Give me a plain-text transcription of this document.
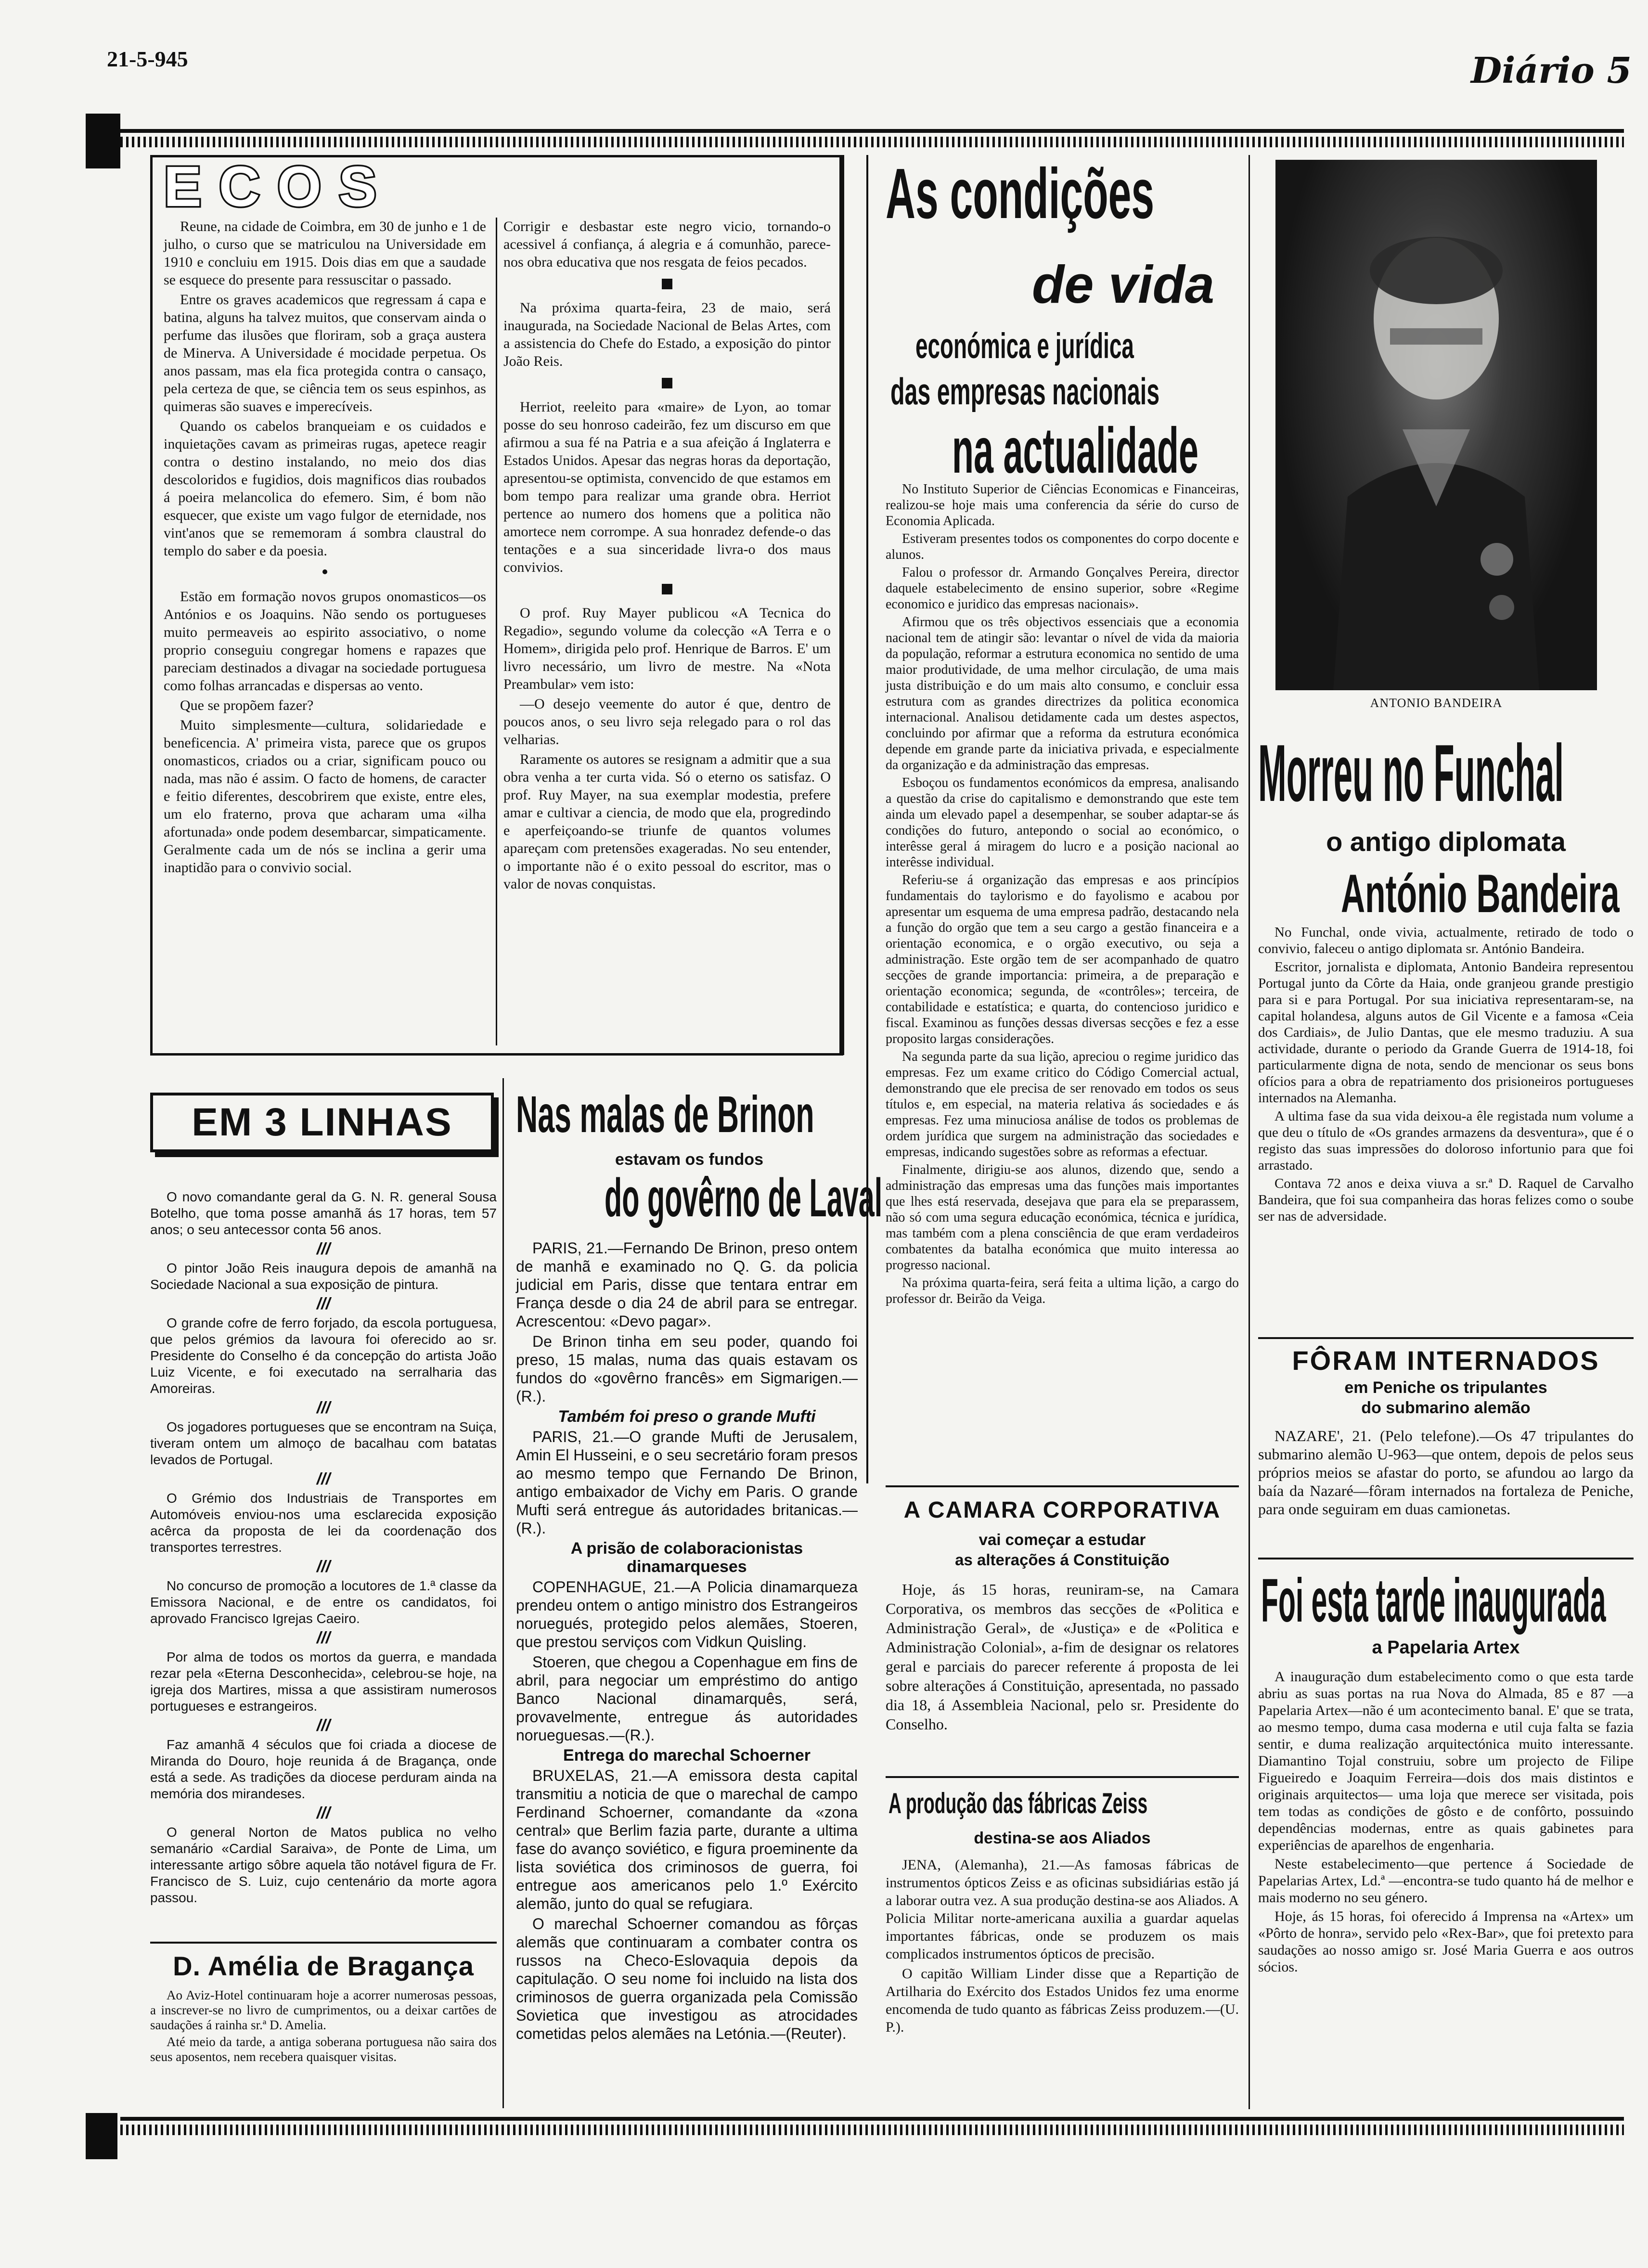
21-5-945	Diário 5
ECOS

Reune, na cidade de Coimbra, em 30 de junho e 1 de julho, o curso que se matriculou na Universidade em 1910 e concluiu em 1915. Dois dias em que a saudade se esquece do presente para ressuscitar o passado.

Entre os graves academicos que regressam á capa e batina, alguns ha talvez muitos, que conservam ainda o perfume das ilusões que floriram, sob a graça austera de Minerva. A Universidade é mocidade perpetua. Os anos passam, mas ela fica protegida contra o cansaço, pela certeza de que, se ciência tem os seus espinhos, as quimeras são suaves e imperecíveis.

Quando os cabelos branqueiam e os cuidados e inquietações cavam as primeiras rugas, apetece reagir contra o destino instalando, no meio dos dias descoloridos e fugidios, dois magnificos dias roubados á poeira melancolica do efemero. Sim, é bom não esquecer, que existe um vago fulgor de eternidade, nos vint'anos que se rememoram á sombra claustral do templo do saber e da poesia.

Estão em formação novos grupos onomasticos—os Antónios e os Joaquins. Não sendo os portugueses muito permeaveis ao espirito associativo, o nome proprio conseguiu congregar homens e rapazes que pareciam destinados a divagar na sociedade portuguesa como folhas arrancadas e dispersas ao vento.

Que se propõem fazer?

Muito simplesmente—cultura, solidariedade e beneficencia. A' primeira vista, parece que os grupos onomasticos, criados ou a criar, significam pouco ou nada, mas não é assim. O facto de homens, de caracter e feitio diferentes, descobrirem que existe, entre eles, um elo fraterno, prova que acharam uma «ilha afortunada» onde podem desembarcar, simpaticamente. Geralmente cada um de nós se inclina a gerir uma inaptidão para o convivio social.

Corrigir e desbastar este negro vicio, tornando-o acessivel á confiança, á alegria e á comunhão, parece-nos obra educativa que nos resgata de feios pecados.

Na próxima quarta-feira, 23 de maio, será inaugurada, na Sociedade Nacional de Belas Artes, com a assistencia do Chefe do Estado, a exposição do pintor João Reis.

Herriot, reeleito para «maire» de Lyon, ao tomar posse do seu honroso cadeirão, fez um discurso em que afirmou a sua fé na Patria e a sua afeição á Inglaterra e Estados Unidos. Apesar das negras horas da deportação, apresentou-se optimista, convencido de que estamos em bom tempo para realizar uma grande obra. Herriot pertence ao numero dos homens que a politica não amortece nem corrompe. A sua honradez defende-o das tentações e a sua sinceridade livra-o dos maus convivios.

O prof. Ruy Mayer publicou «A Tecnica do Regadio», segundo volume da colecção «A Terra e o Homem», dirigida pelo prof. Henrique de Barros. E' um livro necessário, um livro de mestre. Na «Nota Preambular» vem isto:

—O desejo veemente do autor é que, dentro de poucos anos, o seu livro seja relegado para o rol das velharias.

Raramente os autores se resignam a admitir que a sua obra venha a ter curta vida. Só o eterno os satisfaz. O prof. Ruy Mayer, na sua exemplar modestia, prefere amar e cultivar a ciencia, de modo que ela, progredindo e aperfeiçoando-se triunfe de quantos volumes apareçam com pretensões exageradas. No seu entender, o importante não é o exito pessoal do escritor, mas o valor de novas conquistas.

As condições
de vida
económica e jurídica
das empresas nacionais
na actualidade

No Instituto Superior de Ciências Economicas e Financeiras, realizou-se hoje mais uma conferencia da série do curso de Economia Aplicada.

Estiveram presentes todos os componentes do corpo docente e alunos.

Falou o professor dr. Armando Gonçalves Pereira, director daquele estabelecimento de ensino superior, sobre «Regime economico e juridico das empresas nacionais».

Afirmou que os três objectivos essenciais que a economia nacional tem de atingir são: levantar o nível de vida da maioria da população, reformar a estrutura economica no sentido de uma maior produtividade, de uma melhor circulação, de uma mais justa distribuição e do um mais alto consumo, e concluir essa estrutura com as grandes directrizes da politica economica internacional. Analisou detidamente cada um destes aspectos, concluindo por afirmar que a reforma da estrutura económica depende em grande parte da iniciativa privada, e especialmente da organização e da administração das empresas.

Esboçou os fundamentos económicos da empresa, analisando a questão da crise do capitalismo e demonstrando que este tem ainda um elevado papel a desempenhar, se souber adaptar-se ás condições do futuro, antepondo o social ao económico, o interêsse geral á miragem do lucro e a posição nacional ao interêsse individual.

Referiu-se á organização das empresas e aos princípios fundamentais do taylorismo e do fayolismo e acabou por apresentar um esquema de uma empresa padrão, destacando nela a função do orgão que tem a seu cargo a gestão financeira e a orientação economica, e o orgão executivo, ou seja a administração. Este orgão tem de ser acompanhado de quatro secções de grande importancia: primeira, a de preparação e orientação economica; segunda, de «contrôles»; terceira, de contabilidade e estatística; e quarta, do contencioso juridico e fiscal. Examinou as funções dessas diversas secções e fez a esse proposito largas considerações.

Na segunda parte da sua lição, apreciou o regime juridico das empresas. Fez um exame critico do Código Comercial actual, demonstrando que ele precisa de ser renovado em todos os seus títulos e, em especial, na materia relativa ás sociedades e ás empresas. Fez uma minuciosa análise de todos os problemas de ordem jurídica que surgem na administração das sociedades e empresas, indicando sugestões sobre as reformas a efectuar.

Finalmente, dirigiu-se aos alunos, dizendo que, sendo a administração das empresas uma das funções mais importantes que lhes está reservada, desejava que para ela se preparassem, não só com uma segura educação económica, técnica e jurídica, mas também com a plena consciência de que eram verdadeiros combatentes da batalha económica que muito interessa ao progresso nacional.

Na próxima quarta-feira, será feita a ultima lição, a cargo do professor dr. Beirão da Veiga.

A CAMARA CORPORATIVA
vai começar a estudar
as alterações á Constituição

Hoje, ás 15 horas, reuniram-se, na Camara Corporativa, os membros das secções de «Politica e Administração Geral», de «Justiça» e de «Politica e Administração Colonial», a-fim de designar os relatores geral e parciais do parecer referente á proposta de lei sobre alterações á Constituição, apresentada, no passado dia 18, á Assembleia Nacional, pelo sr. Presidente do Conselho.

A produção das fábricas Zeiss
destina-se aos Aliados

JENA, (Alemanha), 21.—As famosas fábricas de instrumentos ópticos Zeiss e as oficinas subsidiárias estão já a laborar outra vez. A sua produção destina-se aos Aliados. A Policia Militar norte-americana auxilia a guardar aquelas importantes fábricas, onde se produzem os mais complicados instrumentos ópticos de precisão.

O capitão William Linder disse que a Repartição de Artilharia do Exército dos Estados Unidos fez uma enorme encomenda de tudo quanto as fábricas Zeiss produzem.—(U. P.).

ANTONIO BANDEIRA
Morreu no Funchal
o antigo diplomata
António Bandeira

No Funchal, onde vivia, actualmente, retirado de todo o convivio, faleceu o antigo diplomata sr. António Bandeira.

Escritor, jornalista e diplomata, Antonio Bandeira representou Portugal junto da Côrte da Haia, onde granjeou grande prestigio para si e para Portugal. Por sua iniciativa representaram-se, na capital holandesa, alguns autos de Gil Vicente e a famosa «Ceia dos Cardiais», de Julio Dantas, que ele mesmo traduziu. A sua actividade, durante o periodo da Grande Guerra de 1914-18, foi particularmente digna de nota, sendo de mencionar os seus bons ofícios para a obra de repatriamento dos prisioneiros portugueses internados na Alemanha.

A ultima fase da sua vida deixou-a êle registada num volume a que deu o título de «Os grandes armazens da desventura», que é o registo das suas impressões do doloroso infortunio para que foi arrastado.

Contava 72 anos e deixa viuva a sr.ª D. Raquel de Carvalho Bandeira, que foi sua companheira das horas felizes como o soube ser nas de adversidade.

FÔRAM INTERNADOS
em Peniche os tripulantes
do submarino alemão

NAZARE', 21. (Pelo telefone).—Os 47 tripulantes do submarino alemão U-963—que ontem, depois de pelos seus próprios meios se afastar do porto, se afundou ao largo da baía da Nazaré—fôram internados na fortaleza de Peniche, para onde seguiram em duas camionetas.

Foi esta tarde inaugurada
a Papelaria Artex

A inauguração dum estabelecimento como o que esta tarde abriu as suas portas na rua Nova do Almada, 85 e 87 —a Papelaria Artex—não é um acontecimento banal. E' que se trata, ao mesmo tempo, duma casa moderna e util cuja falta se fazia sentir, e duma realização arquitectónica muito interessante. Diamantino Tojal construiu, sobre um projecto de Filipe Figueiredo e Joaquim Ferreira—dois dos mais distintos e originais arquitectos— uma loja que merece ser visitada, pois tem todas as condições de gôsto e de confôrto, possuindo dependências modernas, entre as quais gabinetes para experiências de aparelhos de engenharia.

Neste estabelecimento—que pertence á Sociedade de Papelarias Artex, Ld.ª —encontra-se tudo quanto há de melhor e mais moderno no seu género.

Hoje, ás 15 horas, foi oferecido á Imprensa na «Artex» um «Pôrto de honra», servido pelo «Rex-Bar», que foi pretexto para saudações ao nosso amigo sr. José Maria Guerra e aos outros sócios.

EM 3 LINHAS

O novo comandante geral da G. N. R. general Sousa Botelho, que toma posse amanhã ás 17 horas, tem 57 anos; o seu antecessor conta 56 anos.

///

O pintor João Reis inaugura depois de amanhã na Sociedade Nacional a sua exposição de pintura.

///

O grande cofre de ferro forjado, da escola portuguesa, que pelos grémios da lavoura foi oferecido ao sr. Presidente do Conselho é da concepção do artista João Luiz Vicente, e foi executado na serralharia das Amoreiras.

///

Os jogadores portugueses que se encontram na Suiça, tiveram ontem um almoço de bacalhau com batatas levados de Portugal.

///

O Grémio dos Industriais de Transportes em Automóveis enviou-nos uma esclarecida exposição acêrca da proposta de lei da coordenação dos transportes terrestres.

///

No concurso de promoção a locutores de 1.ª classe da Emissora Nacional, e de entre os candidatos, foi aprovado Francisco Igrejas Caeiro.

///

Por alma de todos os mortos da guerra, e mandada rezar pela «Eterna Desconhecida», celebrou-se hoje, na igreja dos Martires, missa a que assistiram numerosos portugueses e estrangeiros.

///

Faz amanhã 4 séculos que foi criada a diocese de Miranda do Douro, hoje reunida á de Bragança, onde está a sede. As tradições da diocese perduram ainda na memória dos mirandeses.

///

O general Norton de Matos publica no velho semanário «Cardial Saraiva», de Ponte de Lima, um interessante artigo sôbre aquela tão notável figura de Fr. Francisco de S. Luiz, cujo centenário da morte agora passou.

D. Amélia de Bragança

Ao Aviz-Hotel continuaram hoje a acorrer numerosas pessoas, a inscrever-se no livro de cumprimentos, ou a deixar cartões de saudações á rainha sr.ª D. Amelia.

Até meio da tarde, a antiga soberana portuguesa não saira dos seus aposentos, nem recebera quaisquer visitas.

Nas malas de Brinon
estavam os fundos
do govêrno de Laval

PARIS, 21.—Fernando De Brinon, preso ontem de manhã e examinado no Q. G. da policia judicial em Paris, disse que tentara entrar em França desde o dia 24 de abril para se entregar. Acrescentou: «Devo pagar».

De Brinon tinha em seu poder, quando foi preso, 15 malas, numa das quais estavam os fundos do «govêrno francês» em Sigmarigen.—(R.).

Também foi preso o grande Mufti

PARIS, 21.—O grande Mufti de Jerusalem, Amin El Husseini, e o seu secretário foram presos ao mesmo tempo que Fernando De Brinon, antigo embaixador de Vichy em Paris. O grande Mufti será entregue ás autoridades britanicas.—(R.).

A prisão de colaboracionistas
dinamarqueses

COPENHAGUE, 21.—A Policia dinamarqueza prendeu ontem o antigo ministro dos Estrangeiros noruegués, protegido pelos alemães, Stoeren, que prestou serviços com Vidkun Quisling.

Stoeren, que chegou a Copenhague em fins de abril, para negociar um empréstimo do antigo Banco Nacional dinamarquês, será, provavelmente, entregue ás autoridades norueguesas.—(R.).

Entrega do marechal Schoerner

BRUXELAS, 21.—A emissora desta capital transmitiu a noticia de que o marechal de campo Ferdinand Schoerner, comandante da «zona central» que Berlim fazia parte, durante a ultima fase do avanço soviético, e figura proeminente da lista soviética dos criminosos de guerra, foi entregue aos americanos pelo 1.º Exército alemão, junto do qual se refugiara.

O marechal Schoerner comandou as fôrças alemãs que continuaram a combater contra os russos na Checo-Eslovaquia depois da capitulação. O seu nome foi incluido na lista dos criminosos de guerra organizada pela Comissão Sovietica que investigou as atrocidades cometidas pelos alemães na Letónia.—(Reuter).
